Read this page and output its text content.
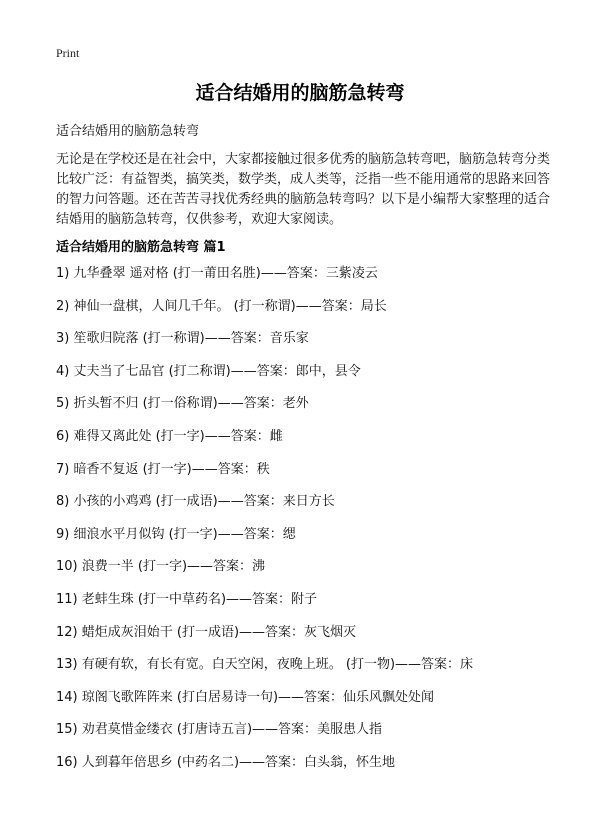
Print
适合结婚用的脑筋急转弯
适合结婚用的脑筋急转弯

无论是在学校还是在社会中，大家都接触过很多优秀的脑筋急转弯吧，脑筋急转弯分类比较广泛：有益智类，搞笑类，数学类，成人类等，泛指一些不能用通常的思路来回答的智力问答题。还在苦苦寻找优秀经典的脑筋急转弯吗？以下是小编帮大家整理的适合结婚用的脑筋急转弯，仅供参考，欢迎大家阅读。

适合结婚用的脑筋急转弯 篇1
1) 九华叠翠 遥对格 (打一莆田名胜)——答案：三紫凌云
2) 神仙一盘棋，人间几千年。 (打一称谓)——答案：局长
3) 笙歌归院落 (打一称谓)——答案：音乐家
4) 丈夫当了七品官 (打二称谓)——答案：郎中，县令
5) 折头暂不归 (打一俗称谓)——答案：老外
6) 难得又离此处 (打一字)——答案：雌
7) 暗香不复返 (打一字)——答案：秩
8) 小孩的小鸡鸡 (打一成语)——答案：来日方长
9) 细浪水平月似钩 (打一字)——答案：缌
10) 浪费一半 (打一字)——答案：沸
11) 老蚌生珠 (打一中草药名)——答案：附子
12) 蜡炬成灰泪始干 (打一成语)——答案：灰飞烟灭
13) 有硬有软，有长有宽。白天空闲，夜晚上班。 (打一物)——答案：床
14) 琼阁飞歌阵阵来 (打白居易诗一句)——答案：仙乐风飘处处闻
15) 劝君莫惜金缕衣 (打唐诗五言)——答案：美服患人指
16) 人到暮年倍思乡 (中药名二)——答案：白头翁，怀生地
